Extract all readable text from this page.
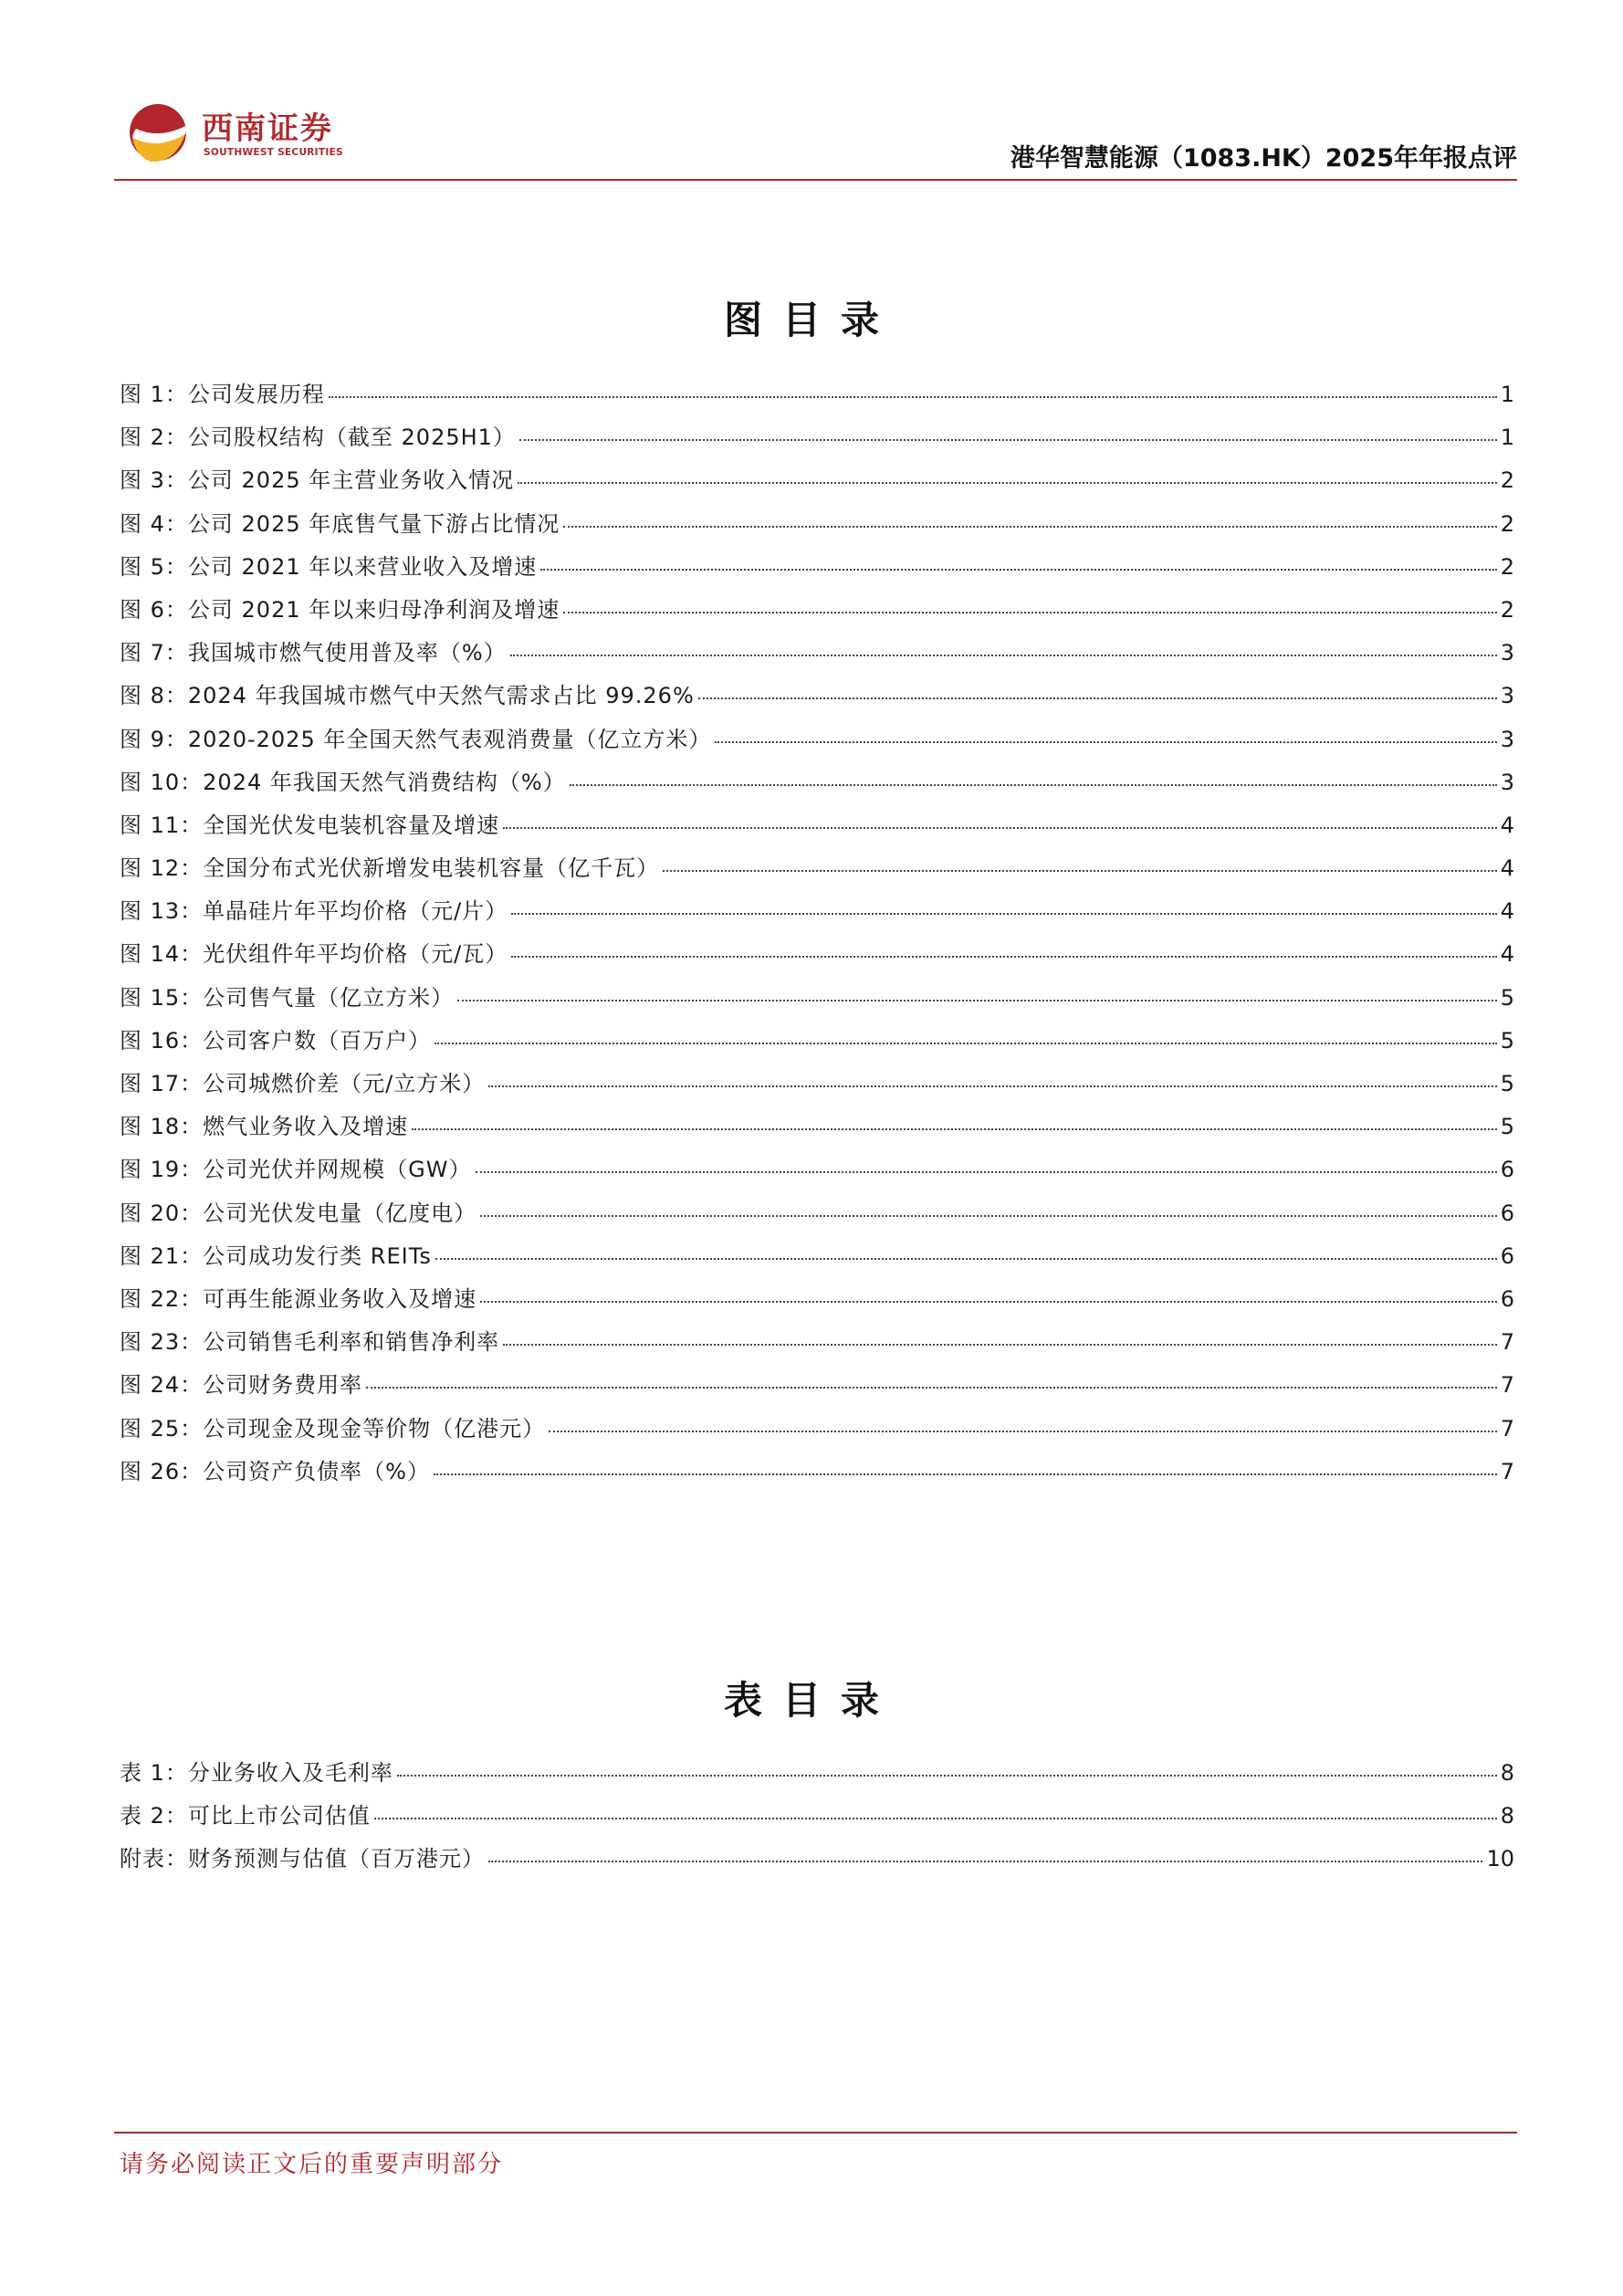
西南证券
SOUTHWEST SECURITIES	港华智慧能源（1083.HK）2025年年报点评
图目录
图 1：公司发展历程	1
图 2：公司股权结构（截至 2025H1）	1
图 3：公司 2025 年主营业务收入情况	2
图 4：公司 2025 年底售气量下游占比情况	2
图 5：公司 2021 年以来营业收入及增速	2
图 6：公司 2021 年以来归母净利润及增速	2
图 7：我国城市燃气使用普及率（%）	3
图 8：2024 年我国城市燃气中天然气需求占比 99.26%	3
图 9：2020-2025 年全国天然气表观消费量（亿立方米）	3
图 10：2024 年我国天然气消费结构（%）	3
图 11：全国光伏发电装机容量及增速	4
图 12：全国分布式光伏新增发电装机容量（亿千瓦）	4
图 13：单晶硅片年平均价格（元/片）	4
图 14：光伏组件年平均价格（元/瓦）	4
图 15：公司售气量（亿立方米）	5
图 16：公司客户数（百万户）	5
图 17：公司城燃价差（元/立方米）	5
图 18：燃气业务收入及增速	5
图 19：公司光伏并网规模（GW）	6
图 20：公司光伏发电量（亿度电）	6
图 21：公司成功发行类 REITs	6
图 22：可再生能源业务收入及增速	6
图 23：公司销售毛利率和销售净利率	7
图 24：公司财务费用率	7
图 25：公司现金及现金等价物（亿港元）	7
图 26：公司资产负债率（%）	7
表目录
表 1：分业务收入及毛利率	8
表 2：可比上市公司估值	8
附表：财务预测与估值（百万港元）	10
请务必阅读正文后的重要声明部分
